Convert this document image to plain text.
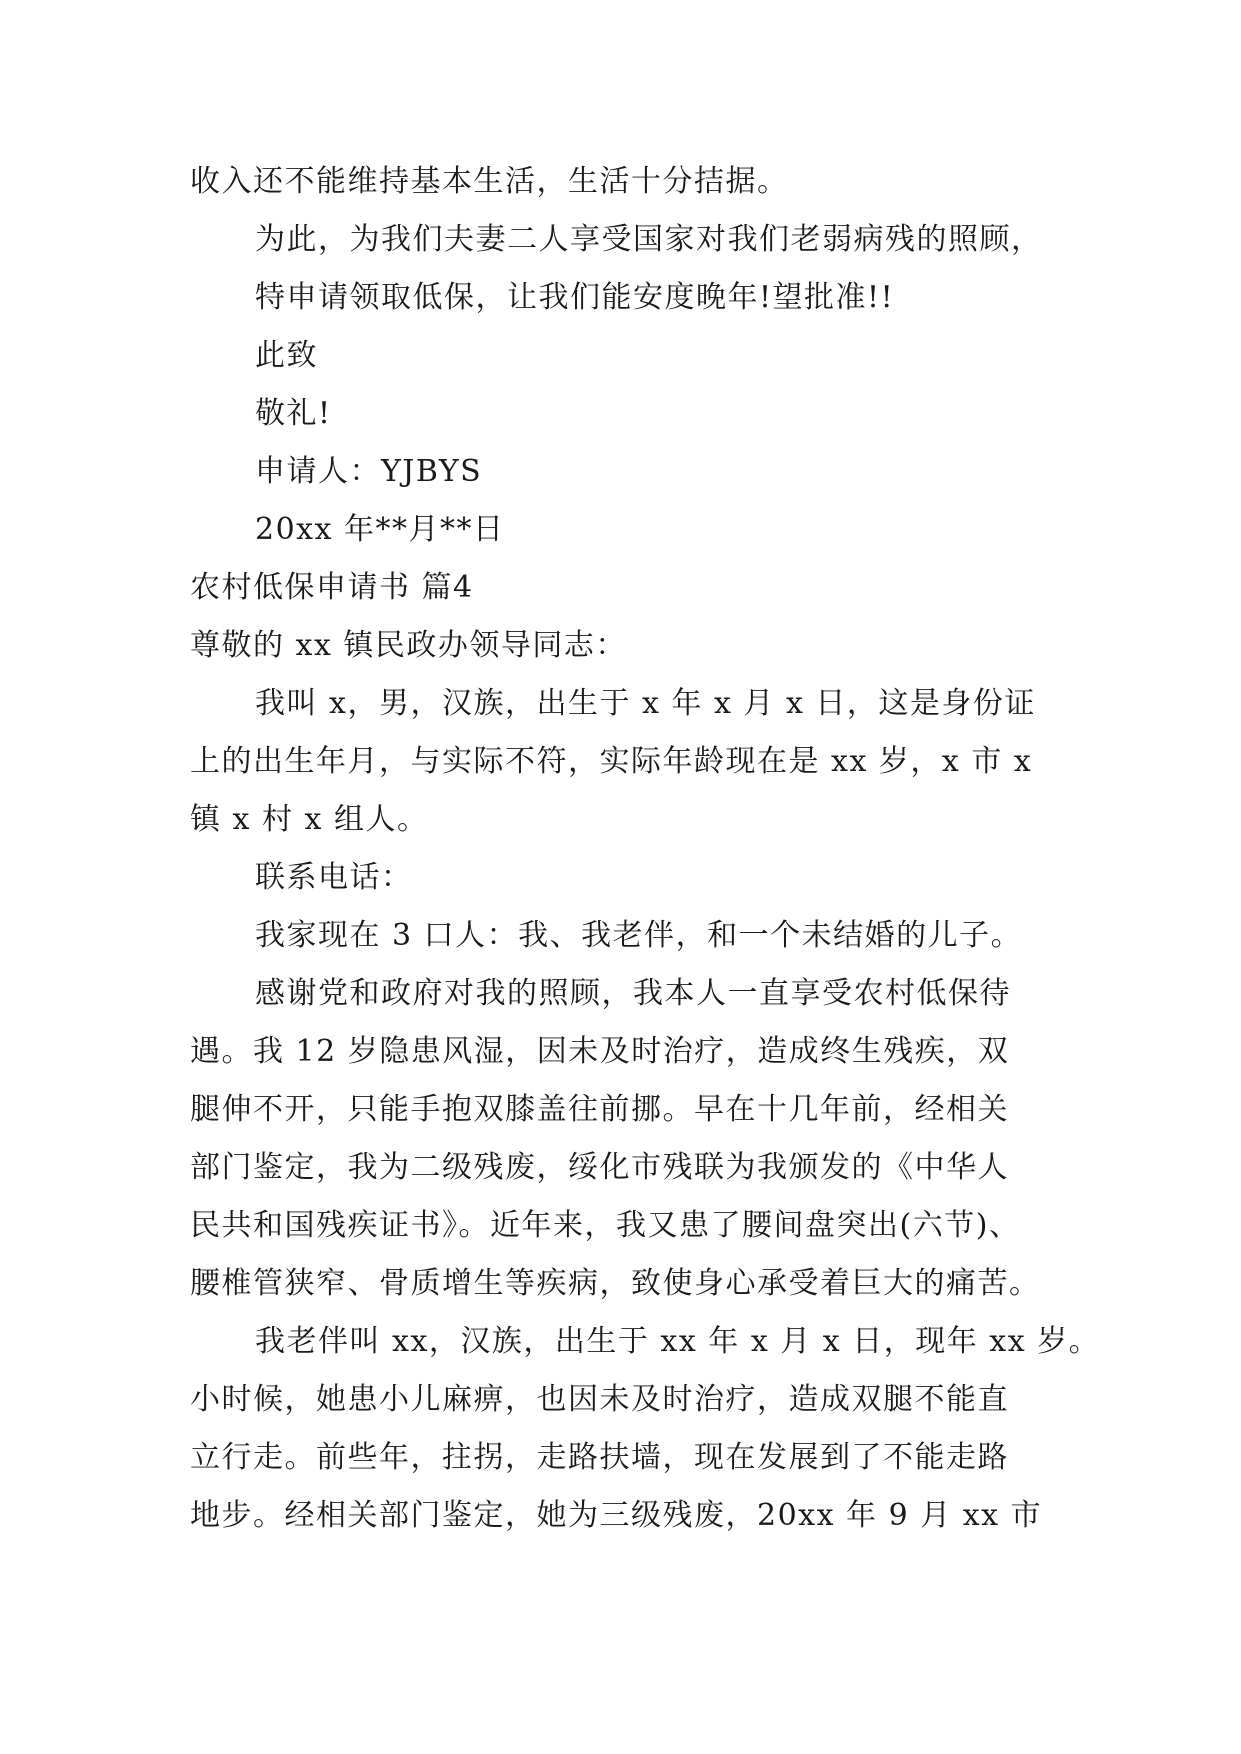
收入还不能维持基本生活，生活十分拮据。
为此，为我们夫妻二人享受国家对我们老弱病残的照顾，
特申请领取低保，让我们能安度晚年!望批准!!
此致
敬礼!
申请人：YJBYS
20xx 年**月**日
农村低保申请书 篇4
尊敬的 xx 镇民政办领导同志：
我叫 x，男，汉族，出生于 x 年 x 月 x 日，这是身份证
上的出生年月，与实际不符，实际年龄现在是 xx 岁，x 市 x
镇 x 村 x 组人。
联系电话：
我家现在 3 口人：我、我老伴，和一个未结婚的儿子。
感谢党和政府对我的照顾，我本人一直享受农村低保待
遇。我 12 岁隐患风湿，因未及时治疗，造成终生残疾，双
腿伸不开，只能手抱双膝盖往前挪。早在十几年前，经相关
部门鉴定，我为二级残废，绥化市残联为我颁发的《中华人
民共和国残疾证书》。近年来，我又患了腰间盘突出(六节)、
腰椎管狭窄、骨质增生等疾病，致使身心承受着巨大的痛苦。
我老伴叫 xx，汉族，出生于 xx 年 x 月 x 日，现年 xx 岁。
小时候，她患小儿麻痹，也因未及时治疗，造成双腿不能直
立行走。前些年，拄拐，走路扶墙，现在发展到了不能走路
地步。经相关部门鉴定，她为三级残废，20xx 年 9 月 xx 市
